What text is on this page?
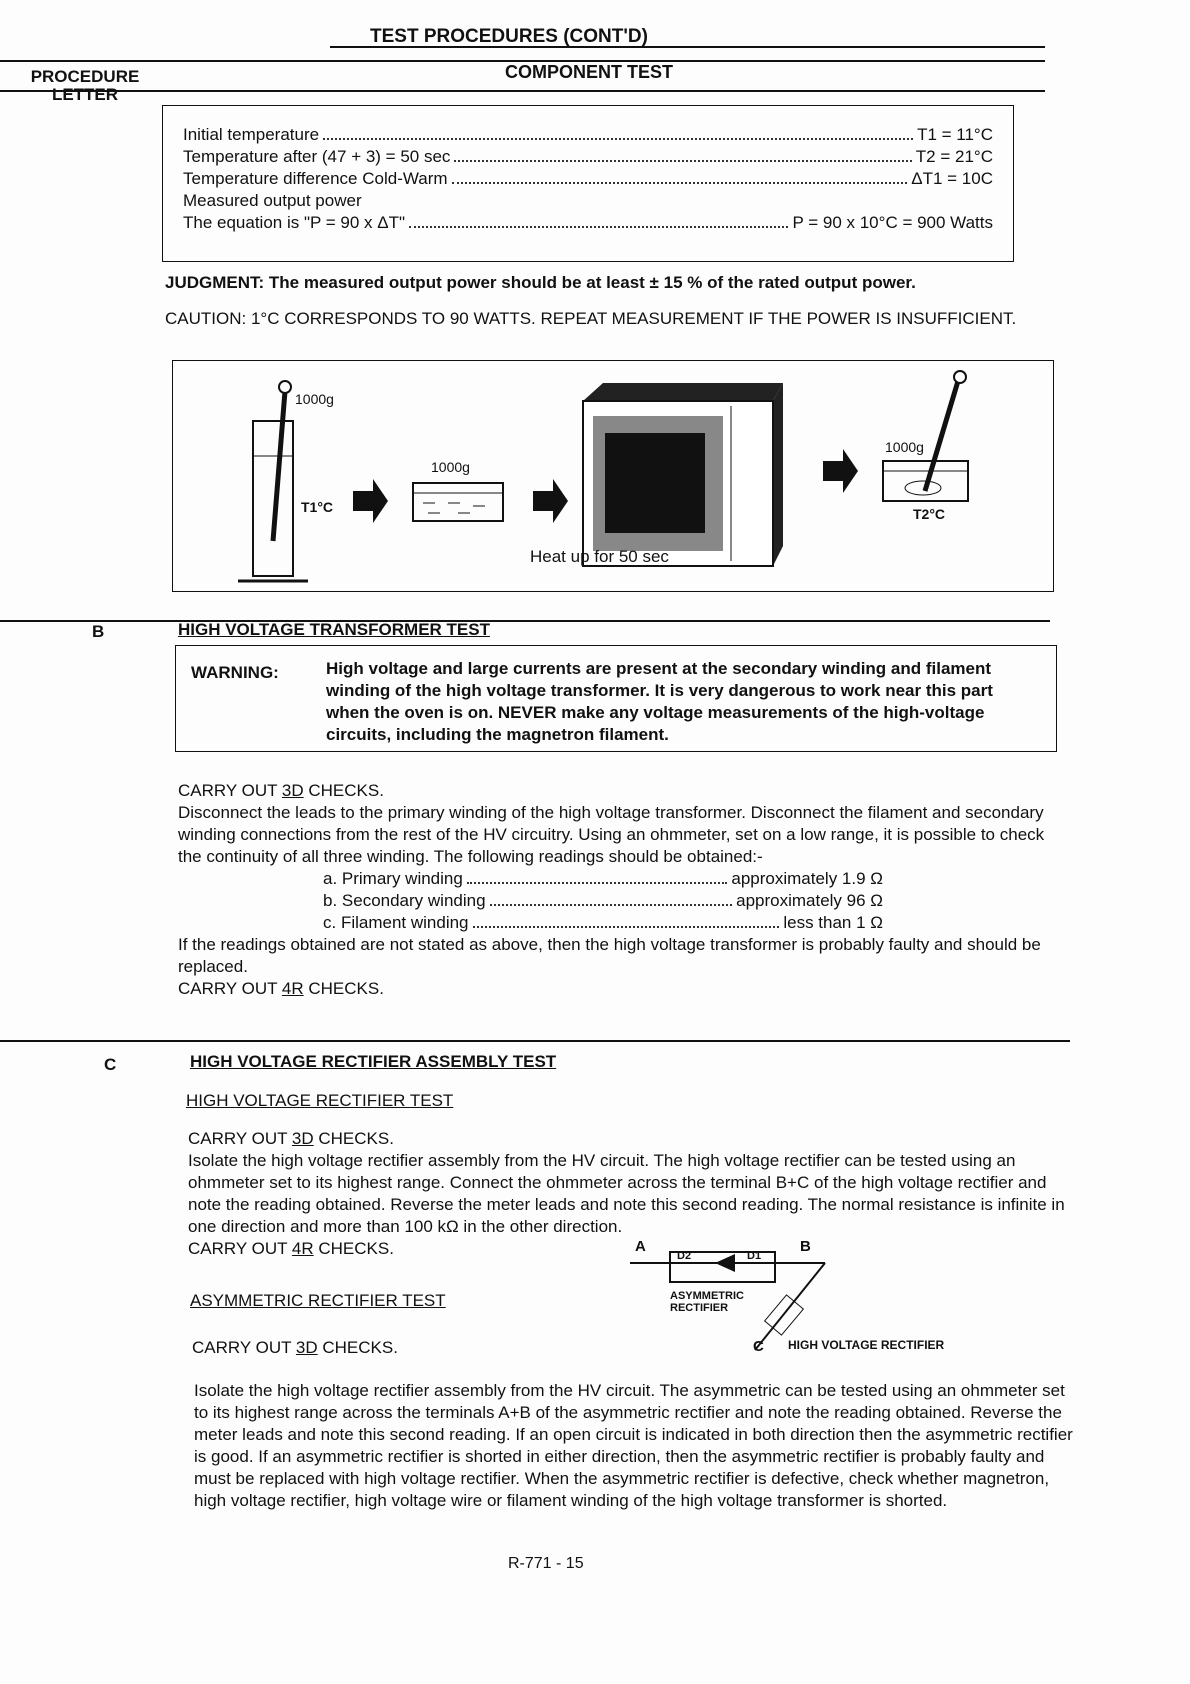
TEST PROCEDURES (CONT'D)
PROCEDURE LETTER
COMPONENT TEST
Initial temperature	T1 = 11°C
Temperature after (47 + 3) = 50 sec	T2 = 21°C
Temperature difference Cold-Warm	ΔT1 = 10C
Measured output power
The equation is "P = 90 x ΔT"	P = 90 x 10°C = 900 Watts
JUDGMENT: The measured output power should be at least ± 15 % of the rated output power.
CAUTION: 1°C CORRESPONDS TO 90 WATTS. REPEAT MEASUREMENT IF THE POWER IS INSUFFICIENT.
1000g
T1°C
1000g
Heat up for 50 sec
1000g
T2°C
B	HIGH VOLTAGE TRANSFORMER TEST
WARNING:	High voltage and large currents are present at the secondary winding and filament winding of the high voltage transformer. It is very dangerous to work near this part when the oven is on. NEVER make any voltage measurements of the high-voltage circuits, including the magnetron filament.
CARRY OUT 3D CHECKS.
Disconnect the leads to the primary winding of the high voltage transformer. Disconnect the filament and secondary winding connections from the rest of the HV circuitry. Using an ohmmeter, set on a low range, it is possible to check the continuity of all three winding. The following readings should be obtained:-
a. Primary winding	approximately 1.9 Ω
b. Secondary winding	approximately 96 Ω
c. Filament winding	less than 1 Ω
If the readings obtained are not stated as above, then the high voltage transformer is probably faulty and should be replaced.
CARRY OUT 4R CHECKS.
C	HIGH VOLTAGE RECTIFIER ASSEMBLY TEST
HIGH VOLTAGE RECTIFIER TEST
CARRY OUT 3D CHECKS.
Isolate the high voltage rectifier assembly from the HV circuit. The high voltage rectifier can be tested using an ohmmeter set to its highest range. Connect the ohmmeter across the terminal B+C of the high voltage rectifier and note the reading obtained. Reverse the meter leads and note this second reading. The normal resistance is infinite in one direction and more than 100 kΩ in the other direction.
CARRY OUT 4R CHECKS.
ASYMMETRIC RECTIFIER TEST
CARRY OUT 3D CHECKS.
A
D2	D1
B
ASYMMETRIC RECTIFIER
C HIGH VOLTAGE RECTIFIER
Isolate the high voltage rectifier assembly from the HV circuit. The asymmetric can be tested using an ohmmeter set to its highest range across the terminals A+B of the asymmetric rectifier and note the reading obtained. Reverse the meter leads and note this second reading. If an open circuit is indicated in both direction then the asymmetric rectifier is good. If an asymmetric rectifier is shorted in either direction, then the asymmetric rectifier is probably faulty and must be replaced with high voltage rectifier. When the asymmetric rectifier is defective, check whether magnetron, high voltage rectifier, high voltage wire or filament winding of the high voltage transformer is shorted.
R-771 - 15
